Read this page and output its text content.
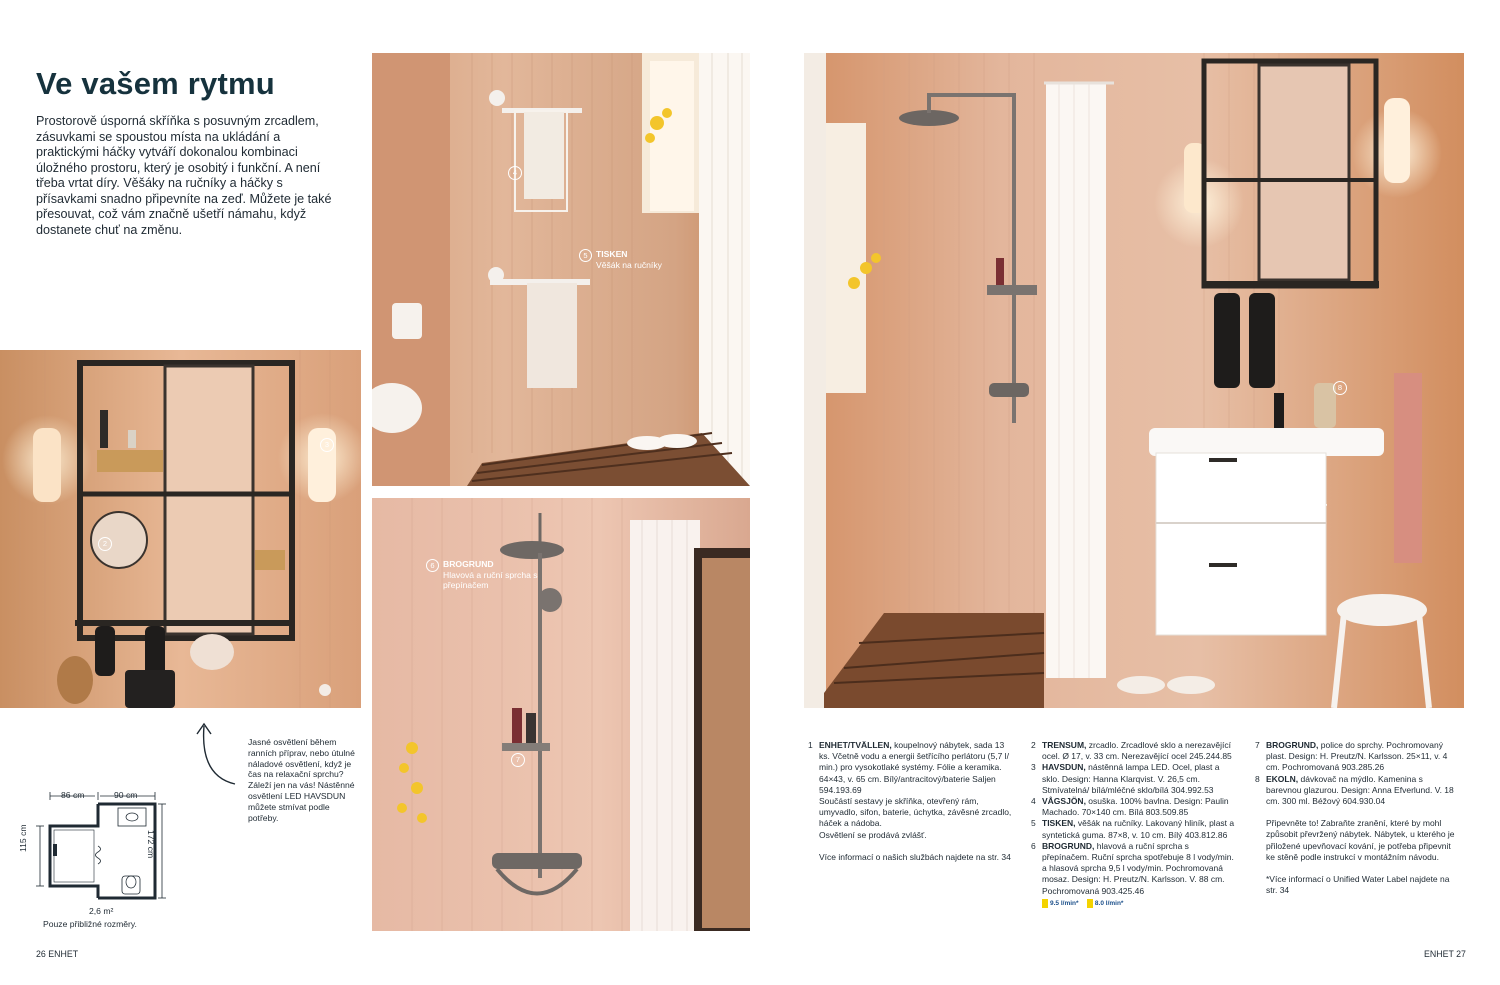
Ve vašem rytmu
Prostorově úsporná skříňka s posuvným zrcadlem, zásuvkami se spoustou místa na ukládání a praktickými háčky vytváří dokonalou kombinaci úložného prostoru, který je osobitý i funkční. A není třeba vrtat díry. Věšáky na ručníky a háčky s přísavkami snadno připevníte na zeď. Můžete je také přesouvat, což vám značně ušetří námahu, když dostanete chuť na změnu.
3
2
4
5 TISKEN
Věšák na ručníky
6 BROGRUND
Hlavová a ruční sprcha s přepínačem
7
1 ENHET/TVÄLLEN
Koupelnový nábytek, sada 13 ks
8
Jasné osvětlení během ranních příprav, nebo útulné náladové osvětlení, když je čas na relaxační sprchu? Záleží jen na vás! Nástěnné osvětlení LED HAVSDUN můžete stmívat podle potřeby.
86 cm	90 cm
115 cm	172 cm
2,6 m²
Pouze přibližné rozměry.
1 ENHET/TVÄLLEN, koupelnový nábytek, sada 13 ks. Včetně vodu a energii šetřícího perlátoru (5,7 l/ min.) pro vysokotlaké systémy. Fólie a keramika. 64×43, v. 65 cm. Bílý/antracitový/baterie Saljen 594.193.69

Součástí sestavy je skříňka, otevřený rám, umyvadlo, sifon, baterie, úchytka, závěsné zrcadlo, háček a nádoba.

Osvětlení se prodává zvlášť.

Více informací o našich službách najdete na str. 34

2 TRENSUM, zrcadlo. Zrcadlové sklo a nerezavějící ocel. Ø 17, v. 33 cm. Nerezavějící ocel 245.244.85

3 HAVSDUN, nástěnná lampa LED. Ocel, plast a sklo. Design: Hanna Klarqvist. V. 26,5 cm. Stmívatelná/ bílá/mléčné sklo/bílá 304.992.53

4 VÅGSJÖN, osuška. 100% bavlna. Design: Paulin Machado. 70×140 cm. Bílá 803.509.85

5 TISKEN, věšák na ručníky. Lakovaný hliník, plast a syntetická guma. 87×8, v. 10 cm. Bílý 403.812.86

6 BROGRUND, hlavová a ruční sprcha s přepínačem. Ruční sprcha spotřebuje 8 l vody/min. a hlasová sprcha 9,5 l vody/min. Pochromovaná mosaz. Design: H. Preutz/N. Karlsson. V. 88 cm. Pochromovaná 903.425.46

9.5 l/min*	8.0 l/min*
7 BROGRUND, police do sprchy. Pochromovaný plast. Design: H. Preutz/N. Karlsson. 25×11, v. 4 cm. Pochromovaná 903.285.26

8 EKOLN, dávkovač na mýdlo. Kamenina s barevnou glazurou. Design: Anna Efverlund. V. 18 cm. 300 ml. Béžový 604.930.04

Připevněte to! Zabraňte zranění, které by mohl způsobit převržený nábytek. Nábytek, u kterého je přiložené upevňovací kování, je potřeba připevnit ke stěně podle instrukcí v montážním návodu.

*Více informací o Unified Water Label najdete na str. 34

26 ENHET	ENHET 27
